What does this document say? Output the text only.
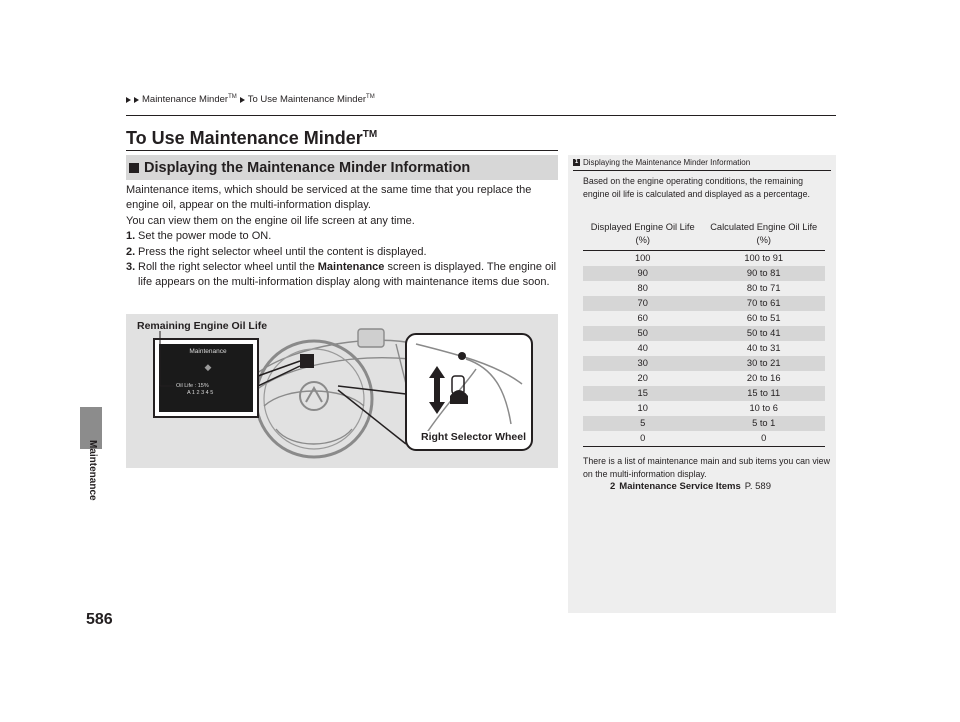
Maintenance
586
Maintenance Minder™ To Use Maintenance Minder™
To Use Maintenance Minder™
Displaying the Maintenance Minder Information

Maintenance items, which should be serviced at the same time that you replace the engine oil, appear on the multi-information display.

You can view them on the engine oil life screen at any time.

1. Set the power mode to ON.
2. Press the right selector wheel until the content is displayed.
3. Roll the right selector wheel until the Maintenance screen is displayed. The engine oil life appears on the multi-information display along with maintenance items due soon.
Maintenance
◆
Oil Life : 15%
A 1 2 3 4 5
Remaining Engine Oil Life
Right Selector Wheel
1 Displaying the Maintenance Minder Information
Based on the engine operating conditions, the remaining engine oil life is calculated and displayed as a percentage.
Displayed Engine Oil Life (%)	Calculated Engine Oil Life (%)
100	100 to 91
90	90 to 81
80	80 to 71
70	70 to 61
60	60 to 51
50	50 to 41
40	40 to 31
30	30 to 21
20	20 to 16
15	15 to 11
10	10 to 6
5	5 to 1
0	0
There is a list of maintenance main and sub items you can view on the multi-information display.
2 Maintenance Service Items P. 589
